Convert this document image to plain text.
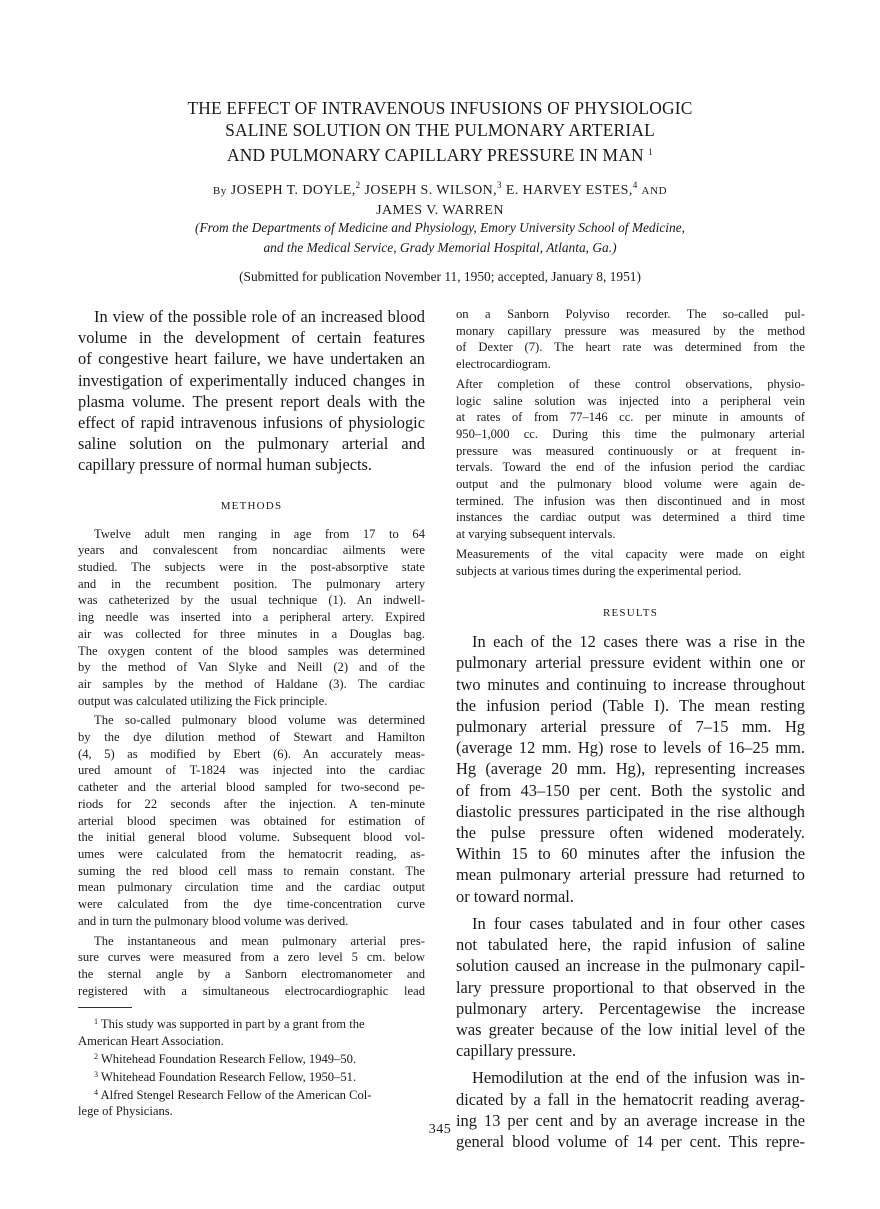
THE EFFECT OF INTRAVENOUS INFUSIONS OF PHYSIOLOGIC
SALINE SOLUTION ON THE PULMONARY ARTERIAL
AND PULMONARY CAPILLARY PRESSURE IN MAN $^1$
By JOSEPH T. DOYLE,$^2$ JOSEPH S. WILSON,$^3$ E. HARVEY ESTES,$^4$ AND
JAMES V. WARREN
(From the Departments of Medicine and Physiology, Emory University School of Medicine,
and the Medical Service, Grady Memorial Hospital, Atlanta, Ga.)
(Submitted for publication November 11, 1950; accepted, January 8, 1951)
In view of the possible role of an increased blood
volume in the development of certain features
of congestive heart failure, we have undertaken an
investigation of experimentally induced changes in
plasma volume. The present report deals with the
effect of rapid intravenous infusions of physiologic
saline solution on the pulmonary arterial and
capillary pressure of normal human subjects.
METHODS
Twelve adult men ranging in age from 17 to 64
years and convalescent from noncardiac ailments were
studied. The subjects were in the post-absorptive state
and in the recumbent position. The pulmonary artery
was catheterized by the usual technique (1). An indwell-
ing needle was inserted into a peripheral artery. Expired
air was collected for three minutes in a Douglas bag.
The oxygen content of the blood samples was determined
by the method of Van Slyke and Neill (2) and of the
air samples by the method of Haldane (3). The cardiac
output was calculated utilizing the Fick principle.
The so-called pulmonary blood volume was determined
by the dye dilution method of Stewart and Hamilton
(4, 5) as modified by Ebert (6). An accurately meas-
ured amount of T-1824 was injected into the cardiac
catheter and the arterial blood sampled for two-second pe-
riods for 22 seconds after the injection. A ten-minute
arterial blood specimen was obtained for estimation of
the initial general blood volume. Subsequent blood vol-
umes were calculated from the hematocrit reading, as-
suming the red blood cell mass to remain constant. The
mean pulmonary circulation time and the cardiac output
were calculated from the dye time-concentration curve
and in turn the pulmonary blood volume was derived.
The instantaneous and mean pulmonary arterial pres-
sure curves were measured from a zero level 5 cm. below
the sternal angle by a Sanborn electromanometer and
registered with a simultaneous electrocardiographic lead
$^1$ This study was supported in part by a grant from the
American Heart Association.
$^2$ Whitehead Foundation Research Fellow, 1949–50.
$^3$ Whitehead Foundation Research Fellow, 1950–51.
$^4$ Alfred Stengel Research Fellow of the American Col-
lege of Physicians.
on a Sanborn Polyviso recorder. The so-called pul-
monary capillary pressure was measured by the method
of Dexter (7). The heart rate was determined from the
electrocardiogram.
After completion of these control observations, physio-
logic saline solution was injected into a peripheral vein
at rates of from 77–146 cc. per minute in amounts of
950–1,000 cc. During this time the pulmonary arterial
pressure was measured continuously or at frequent in-
tervals. Toward the end of the infusion period the cardiac
output and the pulmonary blood volume were again de-
termined. The infusion was then discontinued and in most
instances the cardiac output was determined a third time
at varying subsequent intervals.
Measurements of the vital capacity were made on eight
subjects at various times during the experimental period.
RESULTS
In each of the 12 cases there was a rise in the
pulmonary arterial pressure evident within one or
two minutes and continuing to increase throughout
the infusion period (Table I). The mean resting
pulmonary arterial pressure of 7–15 mm. Hg
(average 12 mm. Hg) rose to levels of 16–25 mm.
Hg (average 20 mm. Hg), representing increases
of from 43–150 per cent. Both the systolic and
diastolic pressures participated in the rise although
the pulse pressure often widened moderately.
Within 15 to 60 minutes after the infusion the
mean pulmonary arterial pressure had returned to
or toward normal.
In four cases tabulated and in four other cases
not tabulated here, the rapid infusion of saline
solution caused an increase in the pulmonary capil-
lary pressure proportional to that observed in the
pulmonary artery. Percentagewise the increase
was greater because of the low initial level of the
capillary pressure.
Hemodilution at the end of the infusion was in-
dicated by a fall in the hematocrit reading averag-
ing 13 per cent and by an average increase in the
general blood volume of 14 per cent. This repre-
345
